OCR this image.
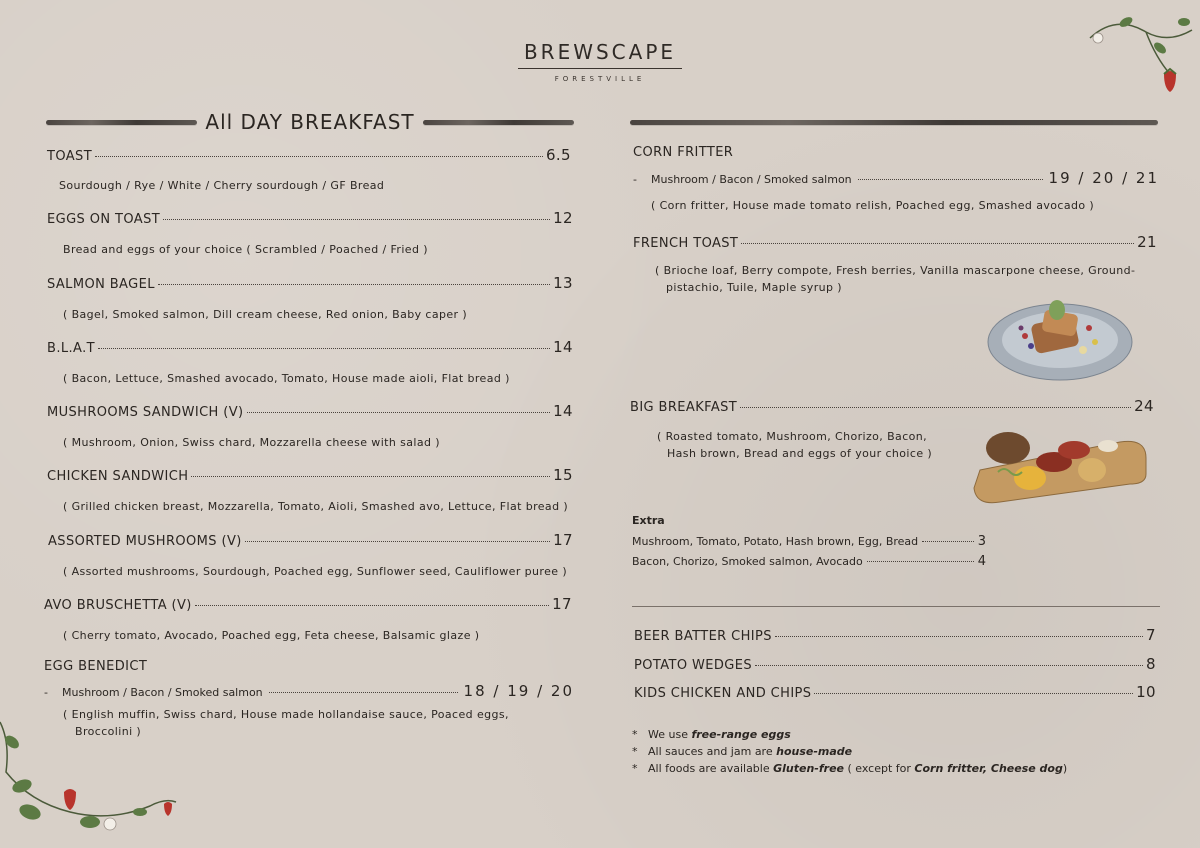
BREWSCAPE
FORESTVILLE
All DAY BREAKFAST
TOAST	6.5
Sourdough / Rye / White / Cherry sourdough / GF Bread
EGGS ON TOAST	12
Bread and eggs of your choice ( Scrambled / Poached / Fried )
SALMON BAGEL	13
( Bagel, Smoked salmon, Dill cream cheese, Red onion, Baby caper )
B.L.A.T	14
( Bacon, Lettuce, Smashed avocado, Tomato, House made aioli, Flat bread )
MUSHROOMS SANDWICH (V)	14
( Mushroom, Onion, Swiss chard, Mozzarella cheese with salad )
CHICKEN SANDWICH	15
( Grilled chicken breast, Mozzarella, Tomato, Aioli, Smashed avo, Lettuce, Flat bread )
ASSORTED MUSHROOMS (V)	17
( Assorted mushrooms, Sourdough, Poached egg, Sunflower seed, Cauliflower puree )
AVO BRUSCHETTA (V)	17
( Cherry tomato, Avocado, Poached egg, Feta cheese, Balsamic glaze )
EGG BENEDICT
-	Mushroom / Bacon / Smoked salmon	18 / 19 / 20
( English muffin, Swiss chard, House made hollandaise sauce, Poaced eggs,
Broccolini )
CORN FRITTER
-	Mushroom / Bacon / Smoked salmon	19 / 20 / 21
( Corn fritter, House made tomato relish, Poached egg, Smashed avocado )
FRENCH TOAST	21
( Brioche loaf, Berry compote, Fresh berries, Vanilla mascarpone cheese, Ground-
pistachio, Tuile, Maple syrup )
BIG BREAKFAST	24
( Roasted tomato, Mushroom, Chorizo, Bacon,
Hash brown, Bread and eggs of your choice )
Extra
Mushroom, Tomato, Potato, Hash brown, Egg, Bread	3
Bacon, Chorizo, Smoked salmon, Avocado	4
BEER BATTER CHIPS	7
POTATO WEDGES	8
KIDS CHICKEN AND CHIPS	10
* We use free-range eggs
* All sauces and jam are house-made
* All foods are available Gluten-free ( except for Corn fritter, Cheese dog)
